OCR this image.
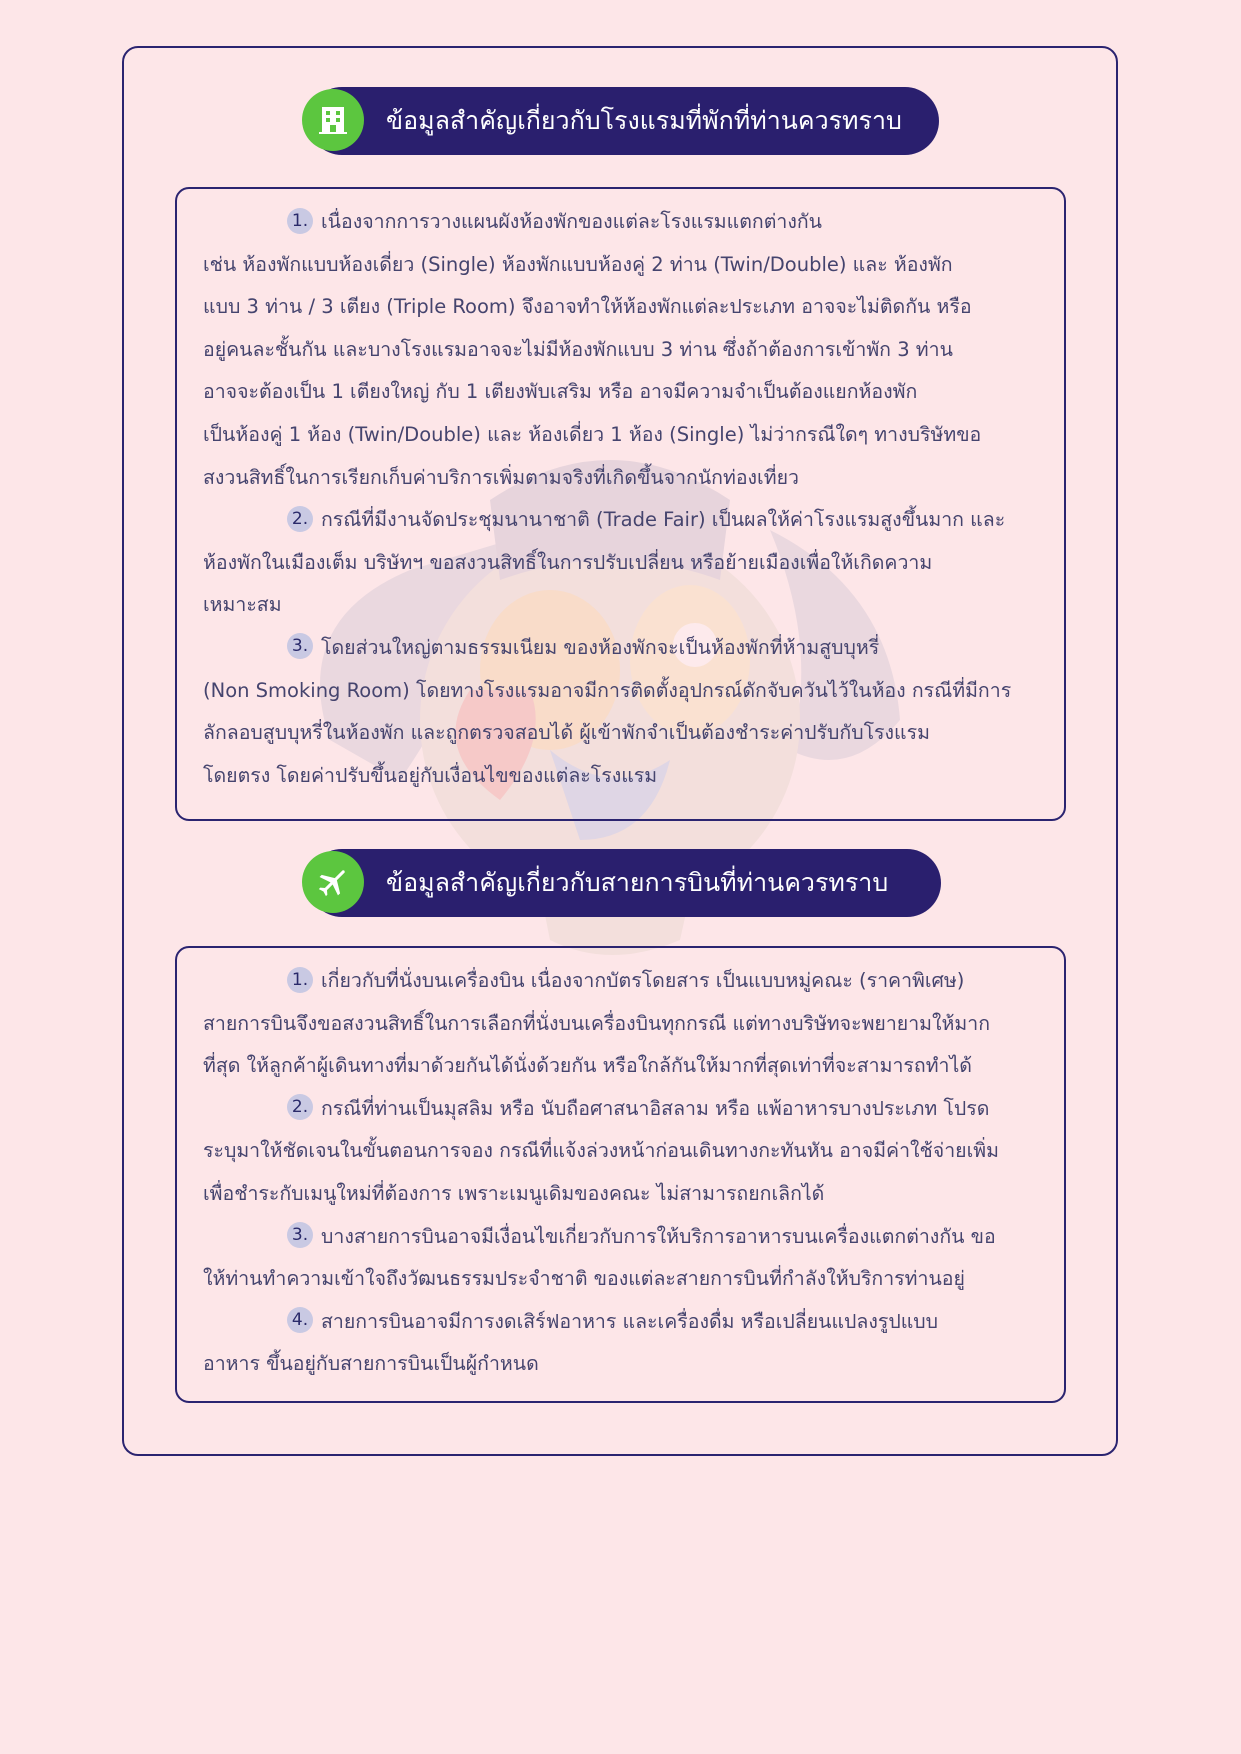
ข้อมูลสำคัญเกี่ยวกับโรงแรมที่พักที่ท่านควรทราบ
1. เนื่องจากการวางแผนผังห้องพักของแต่ละโรงแรมแตกต่างกัน
เช่น ห้องพักแบบห้องเดี่ยว (Single) ห้องพักแบบห้องคู่ 2 ท่าน (Twin/Double) และ ห้องพัก
แบบ 3 ท่าน / 3 เตียง (Triple Room) จึงอาจทำให้ห้องพักแต่ละประเภท อาจจะไม่ติดกัน หรือ
อยู่คนละชั้นกัน และบางโรงแรมอาจจะไม่มีห้องพักแบบ 3 ท่าน ซึ่งถ้าต้องการเข้าพัก 3 ท่าน
อาจจะต้องเป็น 1 เตียงใหญ่ กับ 1 เตียงพับเสริม หรือ อาจมีความจำเป็นต้องแยกห้องพัก
เป็นห้องคู่ 1 ห้อง (Twin/Double) และ ห้องเดี่ยว 1 ห้อง (Single) ไม่ว่ากรณีใดๆ ทางบริษัทขอ
สงวนสิทธิ์ในการเรียกเก็บค่าบริการเพิ่มตามจริงที่เกิดขึ้นจากนักท่องเที่ยว
2. กรณีที่มีงานจัดประชุมนานาชาติ (Trade Fair) เป็นผลให้ค่าโรงแรมสูงขึ้นมาก และ
ห้องพักในเมืองเต็ม บริษัทฯ ขอสงวนสิทธิ์ในการปรับเปลี่ยน หรือย้ายเมืองเพื่อให้เกิดความ
เหมาะสม
3. โดยส่วนใหญ่ตามธรรมเนียม ของห้องพักจะเป็นห้องพักที่ห้ามสูบบุหรี่
(Non Smoking Room) โดยทางโรงแรมอาจมีการติดตั้งอุปกรณ์ดักจับควันไว้ในห้อง กรณีที่มีการ
ลักลอบสูบบุหรี่ในห้องพัก และถูกตรวจสอบได้ ผู้เข้าพักจำเป็นต้องชำระค่าปรับกับโรงแรม
โดยตรง โดยค่าปรับขึ้นอยู่กับเงื่อนไขของแต่ละโรงแรม
ข้อมูลสำคัญเกี่ยวกับสายการบินที่ท่านควรทราบ
1. เกี่ยวกับที่นั่งบนเครื่องบิน เนื่องจากบัตรโดยสาร เป็นแบบหมู่คณะ (ราคาพิเศษ)
สายการบินจึงขอสงวนสิทธิ์ในการเลือกที่นั่งบนเครื่องบินทุกกรณี แต่ทางบริษัทจะพยายามให้มาก
ที่สุด ให้ลูกค้าผู้เดินทางที่มาด้วยกันได้นั่งด้วยกัน หรือใกล้กันให้มากที่สุดเท่าที่จะสามารถทำได้
2. กรณีที่ท่านเป็นมุสลิม หรือ นับถือศาสนาอิสลาม หรือ แพ้อาหารบางประเภท โปรด
ระบุมาให้ชัดเจนในขั้นตอนการจอง กรณีที่แจ้งล่วงหน้าก่อนเดินทางกะทันหัน อาจมีค่าใช้จ่ายเพิ่ม
เพื่อชำระกับเมนูใหม่ที่ต้องการ เพราะเมนูเดิมของคณะ ไม่สามารถยกเลิกได้
3. บางสายการบินอาจมีเงื่อนไขเกี่ยวกับการให้บริการอาหารบนเครื่องแตกต่างกัน ขอ
ให้ท่านทำความเข้าใจถึงวัฒนธรรมประจำชาติ ของแต่ละสายการบินที่กำลังให้บริการท่านอยู่
4. สายการบินอาจมีการงดเสิร์ฟอาหาร และเครื่องดื่ม หรือเปลี่ยนแปลงรูปแบบ
อาหาร ขึ้นอยู่กับสายการบินเป็นผู้กำหนด
